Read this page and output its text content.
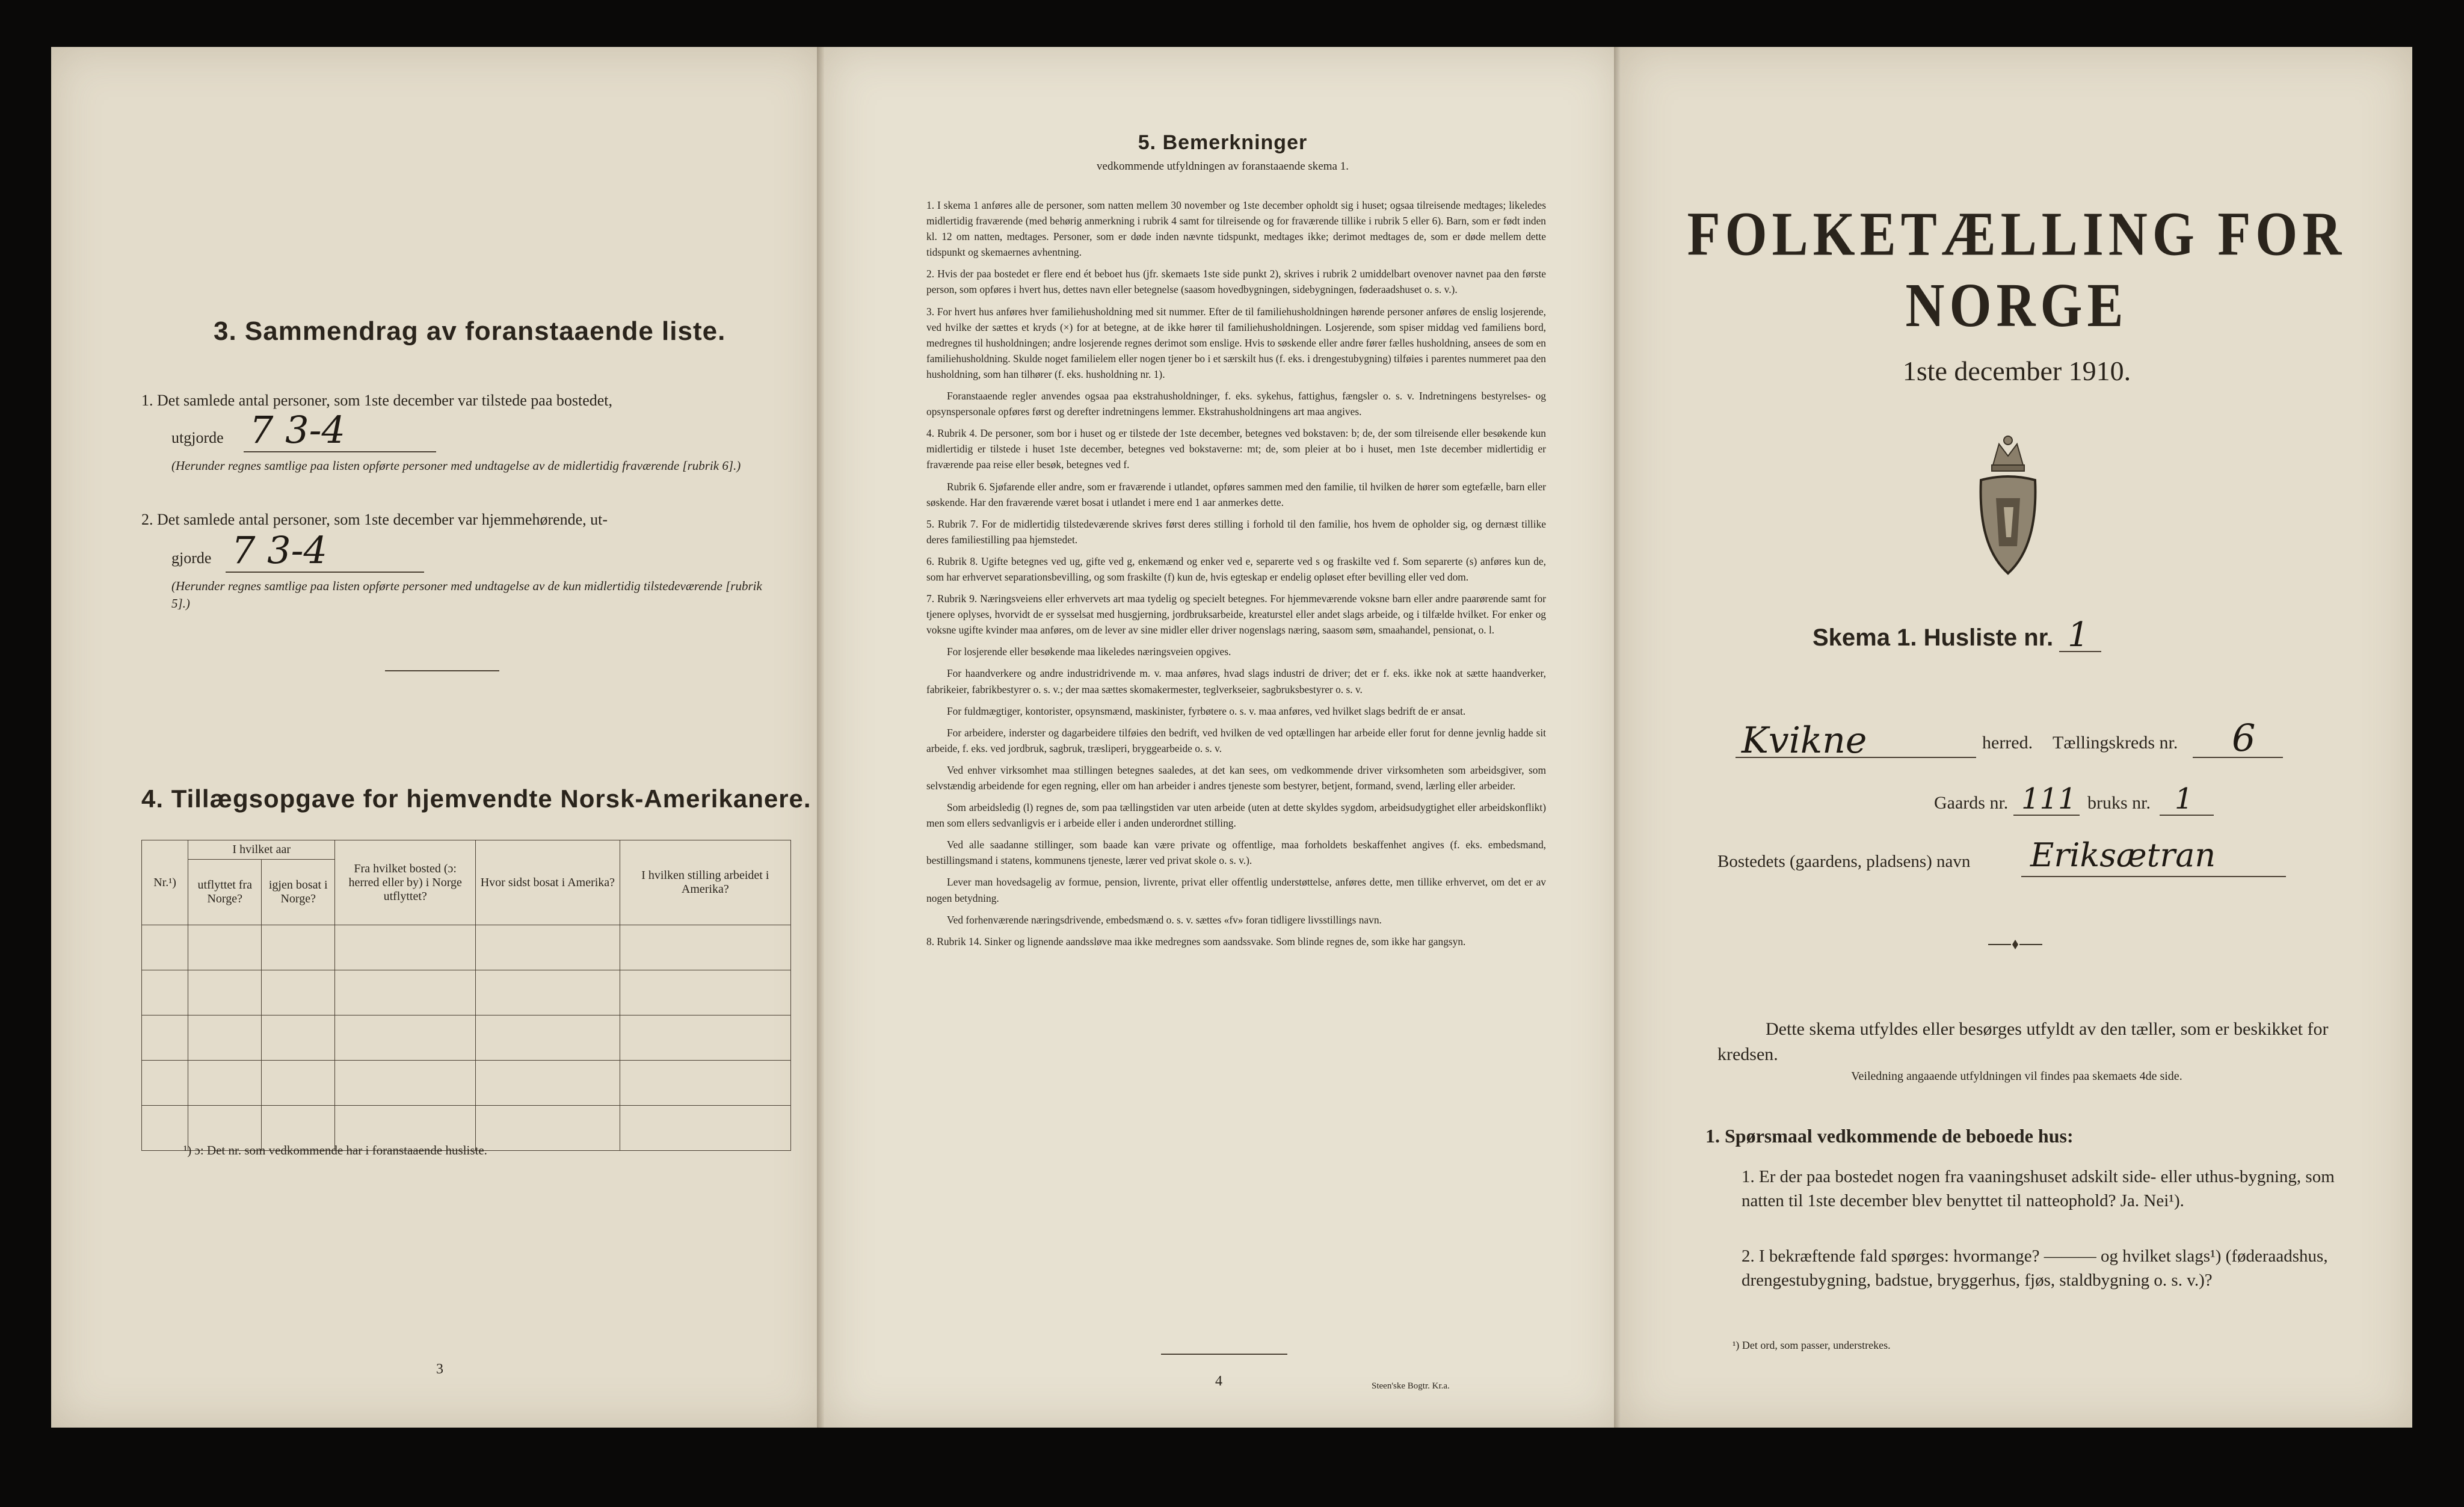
3. Sammendrag av foranstaaende liste.
1. Det samlede antal personer, som 1ste december var tilstede paa bostedet,
utgjorde 7 3-4
(Herunder regnes samtlige paa listen opførte personer med undtagelse av de midlertidig fraværende [rubrik 6].)
2. Det samlede antal personer, som 1ste december var hjemmehørende, ut-
gjorde 7 3-4
(Herunder regnes samtlige paa listen opførte personer med undtagelse av de kun midlertidig tilstedeværende [rubrik 5].)
4. Tillægsopgave for hjemvendte Norsk-Amerikanere.
Nr.¹)	I hvilket aar		Fra hvilket bosted (ɔ: herred eller by) i Norge utflyttet?	Hvor sidst bosat i Amerika?	I hvilken stilling arbeidet i Amerika?
	utflyttet fra Norge?	igjen bosat i Norge?			

¹) ɔ: Det nr. som vedkommende har i foranstaaende husliste.
3
5. Bemerkninger
vedkommende utfyldningen av foranstaaende skema 1.

1. I skema 1 anføres alle de personer, som natten mellem 30 november og 1ste december opholdt sig i huset; ogsaa tilreisende medtages; likeledes midlertidig fraværende (med behørig anmerkning i rubrik 4 samt for tilreisende og for fraværende tillike i rubrik 5 eller 6). Barn, som er født inden kl. 12 om natten, medtages. Personer, som er døde inden nævnte tidspunkt, medtages ikke; derimot medtages de, som er døde mellem dette tidspunkt og skemaernes avhentning.

2. Hvis der paa bostedet er flere end ét beboet hus (jfr. skemaets 1ste side punkt 2), skrives i rubrik 2 umiddelbart ovenover navnet paa den første person, som opføres i hvert hus, dettes navn eller betegnelse (saasom hovedbygningen, sidebygningen, føderaadshuset o. s. v.).

3. For hvert hus anføres hver familiehusholdning med sit nummer. Efter de til familiehusholdningen hørende personer anføres de enslig losjerende, ved hvilke der sættes et kryds (×) for at betegne, at de ikke hører til familiehusholdningen. Losjerende, som spiser middag ved familiens bord, medregnes til husholdningen; andre losjerende regnes derimot som enslige. Hvis to søskende eller andre fører fælles husholdning, ansees de som en familiehusholdning. Skulde noget familielem eller nogen tjener bo i et særskilt hus (f. eks. i drengestubygning) tilføies i parentes nummeret paa den husholdning, som han tilhører (f. eks. husholdning nr. 1).

Foranstaaende regler anvendes ogsaa paa ekstrahusholdninger, f. eks. sykehus, fattighus, fængsler o. s. v. Indretningens bestyrelses- og opsynspersonale opføres først og derefter indretningens lemmer. Ekstrahusholdningens art maa angives.

4. Rubrik 4. De personer, som bor i huset og er tilstede der 1ste december, betegnes ved bokstaven: b; de, der som tilreisende eller besøkende kun midlertidig er tilstede i huset 1ste december, betegnes ved bokstaverne: mt; de, som pleier at bo i huset, men 1ste december midlertidig er fraværende paa reise eller besøk, betegnes ved f.

Rubrik 6. Sjøfarende eller andre, som er fraværende i utlandet, opføres sammen med den familie, til hvilken de hører som egtefælle, barn eller søskende. Har den fraværende været bosat i utlandet i mere end 1 aar anmerkes dette.

5. Rubrik 7. For de midlertidig tilstedeværende skrives først deres stilling i forhold til den familie, hos hvem de opholder sig, og dernæst tillike deres familiestilling paa hjemstedet.

6. Rubrik 8. Ugifte betegnes ved ug, gifte ved g, enkemænd og enker ved e, separerte ved s og fraskilte ved f. Som separerte (s) anføres kun de, som har erhvervet separationsbevilling, og som fraskilte (f) kun de, hvis egteskap er endelig opløset efter bevilling eller ved dom.

7. Rubrik 9. Næringsveiens eller erhvervets art maa tydelig og specielt betegnes. For hjemmeværende voksne barn eller andre paarørende samt for tjenere oplyses, hvorvidt de er sysselsat med husgjerning, jordbruksarbeide, kreaturstel eller andet slags arbeide, og i tilfælde hvilket. For enker og voksne ugifte kvinder maa anføres, om de lever av sine midler eller driver nogenslags næring, saasom søm, smaahandel, pensionat, o. l.

For losjerende eller besøkende maa likeledes næringsveien opgives.

For haandverkere og andre industridrivende m. v. maa anføres, hvad slags industri de driver; det er f. eks. ikke nok at sætte haandverker, fabrikeier, fabrikbestyrer o. s. v.; der maa sættes skomakermester, teglverkseier, sagbruksbestyrer o. s. v.

For fuldmægtiger, kontorister, opsynsmænd, maskinister, fyrbøtere o. s. v. maa anføres, ved hvilket slags bedrift de er ansat.

For arbeidere, inderster og dagarbeidere tilføies den bedrift, ved hvilken de ved optællingen har arbeide eller forut for denne jevnlig hadde sit arbeide, f. eks. ved jordbruk, sagbruk, træsliperi, bryggearbeide o. s. v.

Ved enhver virksomhet maa stillingen betegnes saaledes, at det kan sees, om vedkommende driver virksomheten som arbeidsgiver, som selvstændig arbeidende for egen regning, eller om han arbeider i andres tjeneste som bestyrer, betjent, formand, svend, lærling eller arbeider.

Som arbeidsledig (l) regnes de, som paa tællingstiden var uten arbeide (uten at dette skyldes sygdom, arbeidsudygtighet eller arbeidskonflikt) men som ellers sedvanligvis er i arbeide eller i anden underordnet stilling.

Ved alle saadanne stillinger, som baade kan være private og offentlige, maa forholdets beskaffenhet angives (f. eks. embedsmand, bestillingsmand i statens, kommunens tjeneste, lærer ved privat skole o. s. v.).

Lever man hovedsagelig av formue, pension, livrente, privat eller offentlig understøttelse, anføres dette, men tillike erhvervet, om det er av nogen betydning.

Ved forhenværende næringsdrivende, embedsmænd o. s. v. sættes «fv» foran tidligere livsstillings navn.

8. Rubrik 14. Sinker og lignende aandssløve maa ikke medregnes som aandssvake. Som blinde regnes de, som ikke har gangsyn.

4	Steen'ske Bogtr. Kr.a.
FOLKETÆLLING FOR NORGE
1ste december 1910.
Skema 1. Husliste nr. 1
Kvikne	herred. Tællingskreds nr. 6
Gaards nr. 111 bruks nr. 1
Bostedets (gaardens, pladsens) navn Eriksætran
Dette skema utfyldes eller besørges utfyldt av den tæller, som er beskikket for kredsen.
Veiledning angaaende utfyldningen vil findes paa skemaets 4de side.
1. Spørsmaal vedkommende de beboede hus:
1. Er der paa bostedet nogen fra vaaningshuset adskilt side- eller uthus-bygning, som natten til 1ste december blev benyttet til natteophold? Ja. Nei¹).
2. I bekræftende fald spørges: hvormange? ——— og hvilket slags¹) (føderaadshus, drengestubygning, badstue, bryggerhus, fjøs, staldbygning o. s. v.)?
¹) Det ord, som passer, understrekes.
